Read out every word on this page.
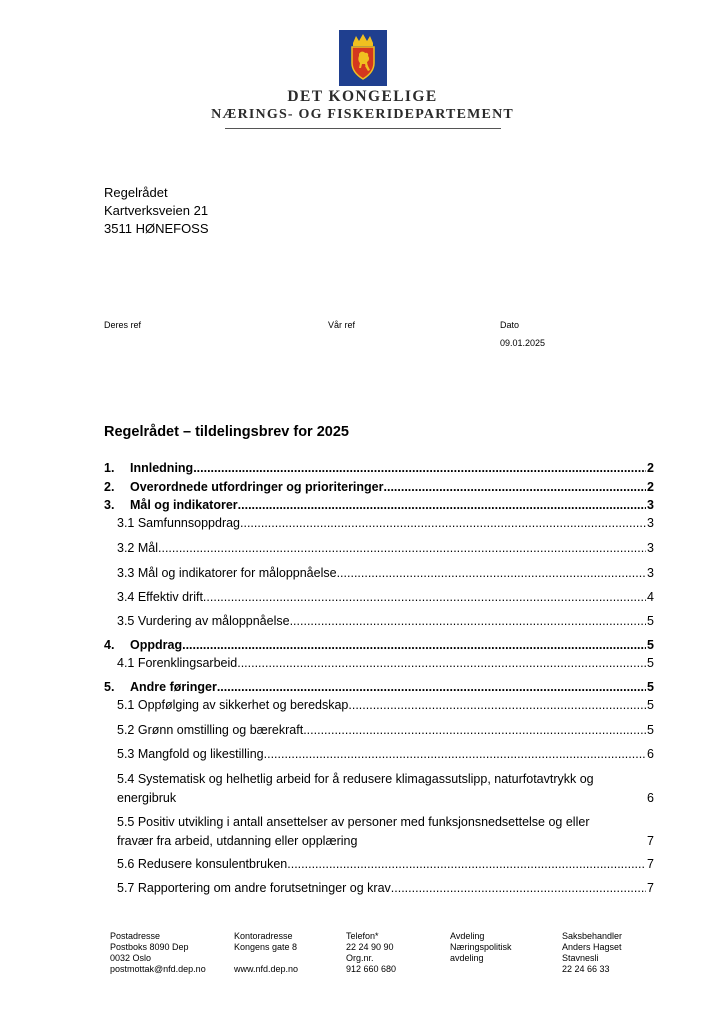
DET KONGELIGE
NÆRINGS- OG FISKERIDEPARTEMENT
Regelrådet
Kartverksveien 21
3511 HØNEFOSS
Deres ref	Vår ref	Dato
09.01.2025
Regelrådet – tildelingsbrev for 2025
1.	Innledning .....	2
2.	Overordnede utfordringer og prioriteringer .....	2
3.	Mål og indikatorer .....	3
3.1 Samfunnsoppdrag .....	3
3.2 Mål .....	3
3.3 Mål og indikatorer for måloppnåelse .....	3
3.4 Effektiv drift .....	4
3.5 Vurdering av måloppnåelse .....	5
4.	Oppdrag .....	5
4.1 Forenklingsarbeid .....	5
5.	Andre føringer .....	5
5.1 Oppfølging av sikkerhet og beredskap .....	5
5.2 Grønn omstilling og bærekraft .....	5
5.3 Mangfold og likestilling .....	6
5.4 Systematisk og helhetlig arbeid for å redusere klimagassutslipp, naturfotavtrykk og
energibruk	6
5.5 Positiv utvikling i antall ansettelser av personer med funksjonsnedsettelse og eller
fravær fra arbeid, utdanning eller opplæring	7
5.6 Redusere konsulentbruken .....	7
5.7 Rapportering om andre forutsetninger og krav .....	7
Postadresse
Postboks 8090 Dep
0032 Oslo
postmottak@nfd.dep.no
Kontoradresse
Kongens gate 8

www.nfd.dep.no
Telefon*
22 24 90 90
Org.nr.
912 660 680
Avdeling
Næringspolitisk
avdeling
Saksbehandler
Anders Hagset
Stavnesli
22 24 66 33
